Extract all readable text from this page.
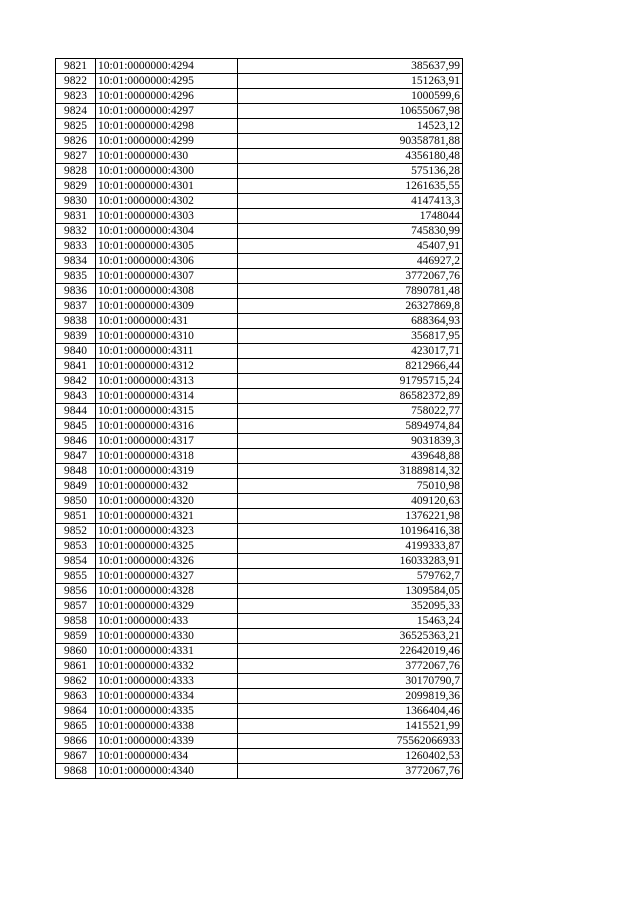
9821	10:01:0000000:4294	385637,99
9822	10:01:0000000:4295	151263,91
9823	10:01:0000000:4296	1000599,6
9824	10:01:0000000:4297	10655067,98
9825	10:01:0000000:4298	14523,12
9826	10:01:0000000:4299	90358781,88
9827	10:01:0000000:430	4356180,48
9828	10:01:0000000:4300	575136,28
9829	10:01:0000000:4301	1261635,55
9830	10:01:0000000:4302	4147413,3
9831	10:01:0000000:4303	1748044
9832	10:01:0000000:4304	745830,99
9833	10:01:0000000:4305	45407,91
9834	10:01:0000000:4306	446927,2
9835	10:01:0000000:4307	3772067,76
9836	10:01:0000000:4308	7890781,48
9837	10:01:0000000:4309	26327869,8
9838	10:01:0000000:431	688364,93
9839	10:01:0000000:4310	356817,95
9840	10:01:0000000:4311	423017,71
9841	10:01:0000000:4312	8212966,44
9842	10:01:0000000:4313	91795715,24
9843	10:01:0000000:4314	86582372,89
9844	10:01:0000000:4315	758022,77
9845	10:01:0000000:4316	5894974,84
9846	10:01:0000000:4317	9031839,3
9847	10:01:0000000:4318	439648,88
9848	10:01:0000000:4319	31889814,32
9849	10:01:0000000:432	75010,98
9850	10:01:0000000:4320	409120,63
9851	10:01:0000000:4321	1376221,98
9852	10:01:0000000:4323	10196416,38
9853	10:01:0000000:4325	4199333,87
9854	10:01:0000000:4326	16033283,91
9855	10:01:0000000:4327	579762,7
9856	10:01:0000000:4328	1309584,05
9857	10:01:0000000:4329	352095,33
9858	10:01:0000000:433	15463,24
9859	10:01:0000000:4330	36525363,21
9860	10:01:0000000:4331	22642019,46
9861	10:01:0000000:4332	3772067,76
9862	10:01:0000000:4333	30170790,7
9863	10:01:0000000:4334	2099819,36
9864	10:01:0000000:4335	1366404,46
9865	10:01:0000000:4338	1415521,99
9866	10:01:0000000:4339	75562066933
9867	10:01:0000000:434	1260402,53
9868	10:01:0000000:4340	3772067,76
